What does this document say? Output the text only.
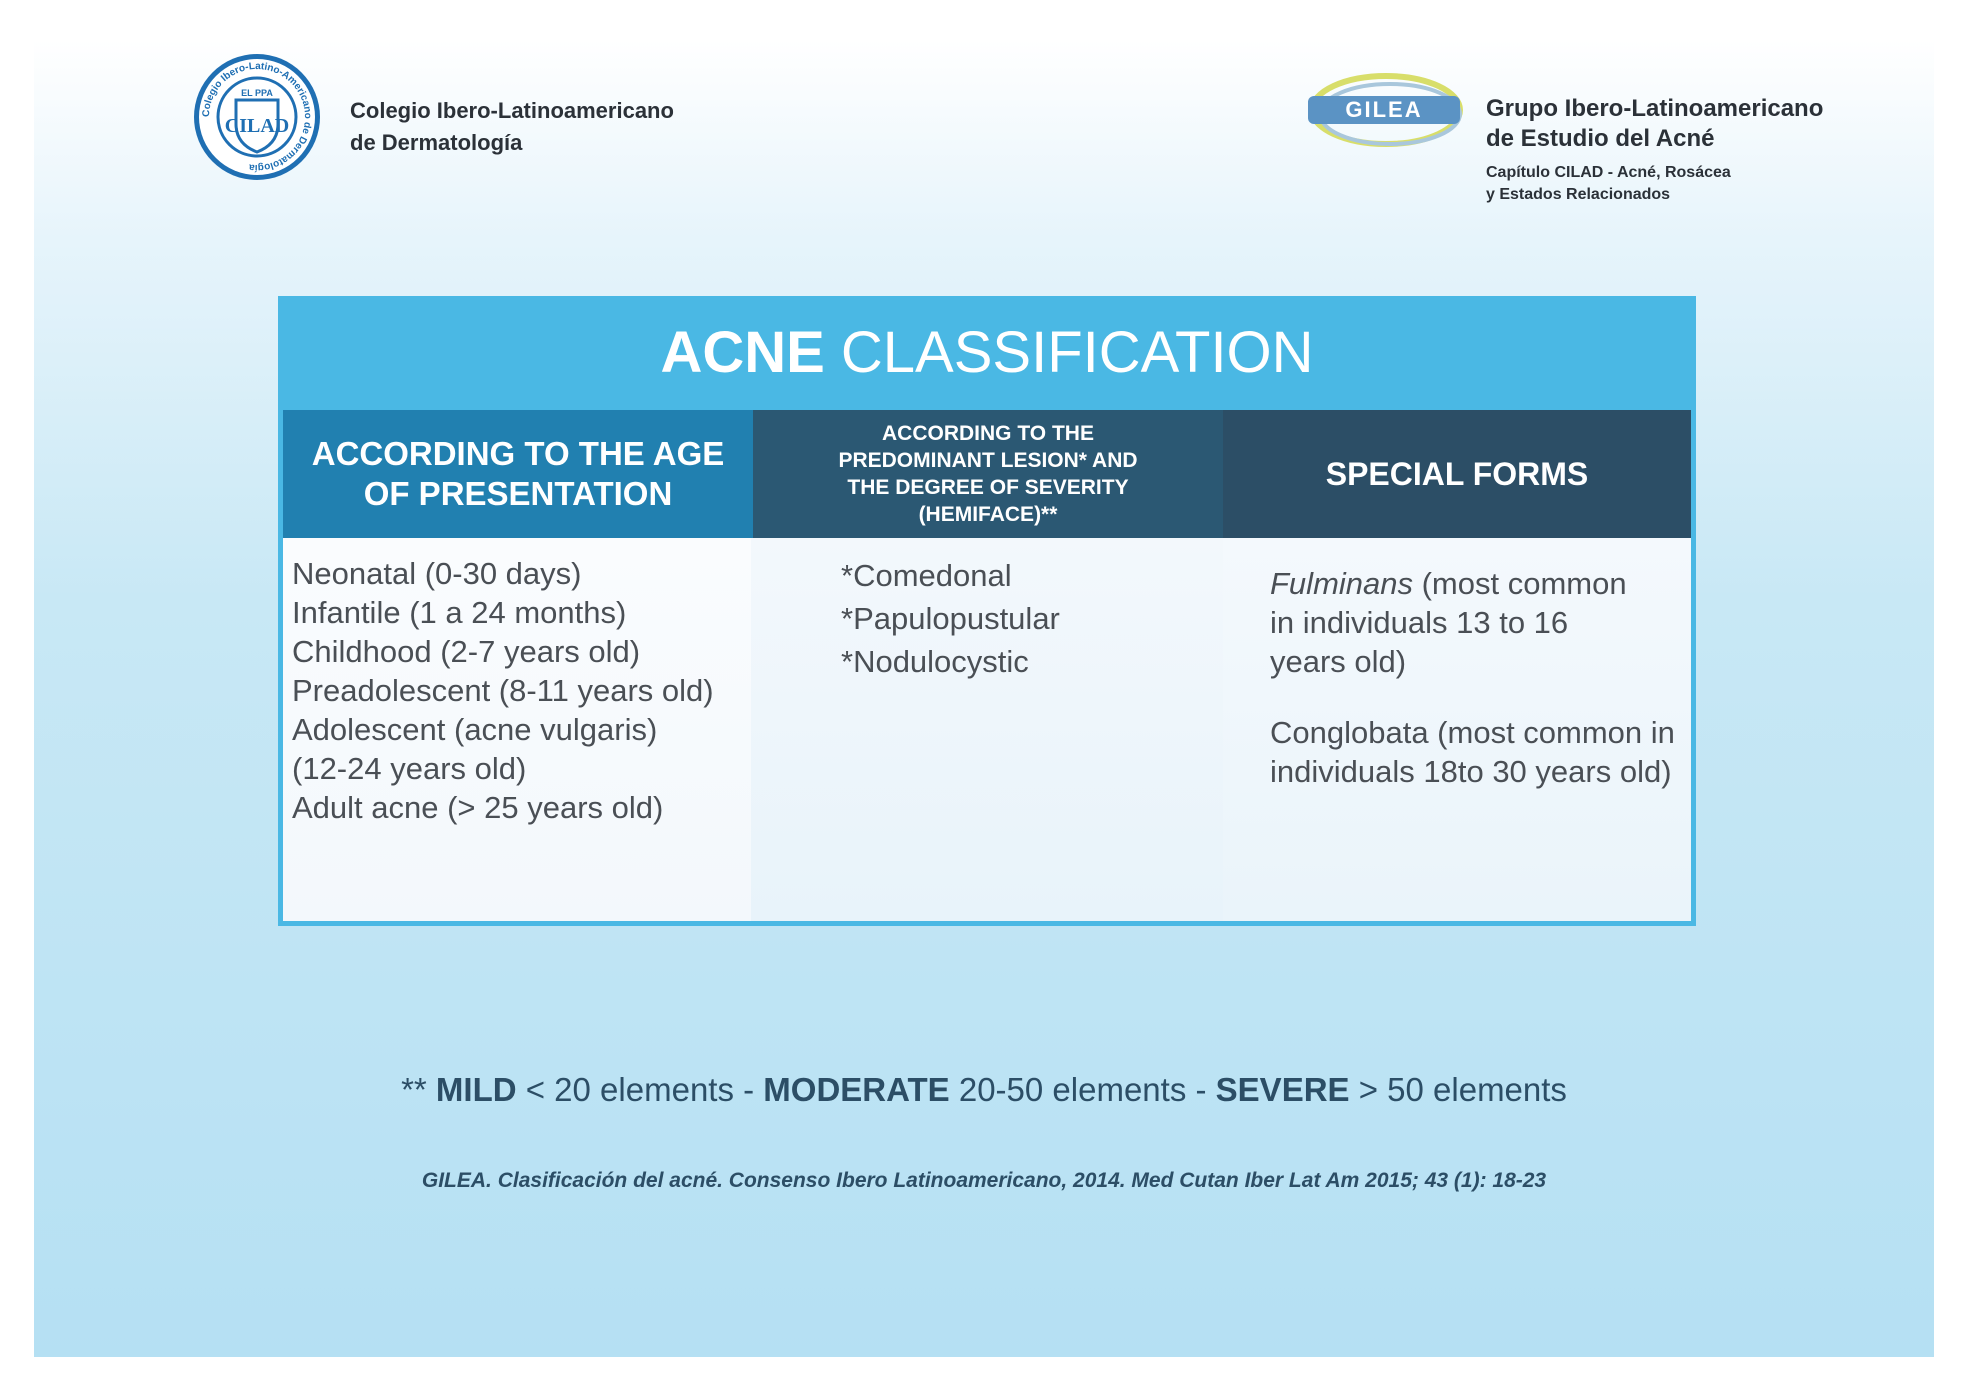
Colegio Ibero-Latino-Americano de Dermatología
EL PPA
CILAD
Colegio Ibero-Latinoamericano
de Dermatología
GILEA	Grupo Ibero-Latinoamericano
de Estudio del Acné
Capítulo CILAD - Acné, Rosácea
y Estados Relacionados
ACNE CLASSIFICATION
ACCORDING TO THE AGE
OF PRESENTATION
ACCORDING TO THE
PREDOMINANT LESION* AND
THE DEGREE OF SEVERITY
(HEMIFACE)**
SPECIAL FORMS
Neonatal (0-30 days)
Infantile (1 a 24 months)
Childhood (2-7 years old)
Preadolescent (8-11 years old)
Adolescent (acne vulgaris)
(12-24 years old)
Adult acne (> 25 years old)
*Comedonal
*Papulopustular
*Nodulocystic
Fulminans (most common
in individuals 13 to 16
years old)
Conglobata (most common in
individuals 18to 30 years old)
** MILD < 20 elements - MODERATE 20-50 elements - SEVERE > 50 elements
GILEA. Clasificación del acné. Consenso Ibero Latinoamericano, 2014. Med Cutan Iber Lat Am 2015; 43 (1): 18-23
